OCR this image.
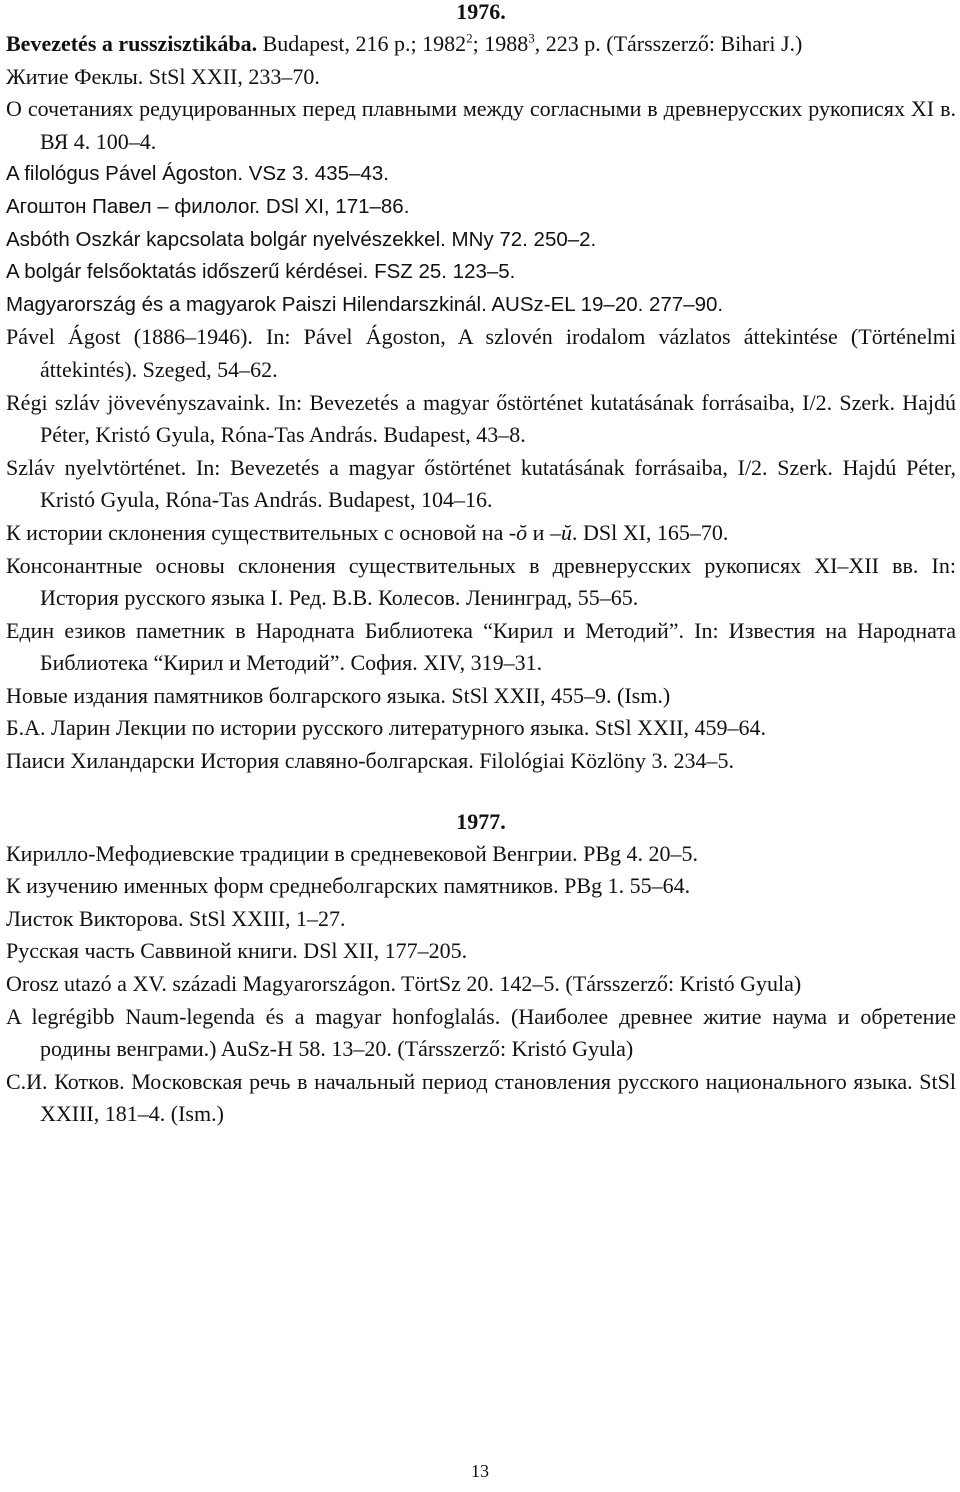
1976.

Bevezetés a russzisztikába. Budapest, 216 p.; 1982$^2$; 1988$^3$, 223 p. (Társszerző: Bihari J.)

Житие Феклы. StSl XXII, 233–70.

О сочетаниях редуцированных перед плавными между согласными в древнерусских рукописях XI в. ВЯ 4. 100–4.

A filológus Pável Ágoston. VSz 3. 435–43.

Агоштон Павел – филолог. DSl XI, 171–86.

Asbóth Oszkár kapcsolata bolgár nyelvészekkel. MNy 72. 250–2.

A bolgár felsőoktatás időszerű kérdései. FSZ 25. 123–5.

Magyarország és a magyarok Paiszi Hilendarszkinál. AUSz-EL 19–20. 277–90.

Pável Ágost (1886–1946). In: Pável Ágoston, A szlovén irodalom vázlatos áttekintése (Történelmi áttekintés). Szeged, 54–62.

Régi szláv jövevényszavaink. In: Bevezetés a magyar őstörténet kutatásának forrásaiba, I/2. Szerk. Hajdú Péter, Kristó Gyula, Róna-Tas András. Budapest, 43–8.

Szláv nyelvtörténet. In: Bevezetés a magyar őstörténet kutatásának forrásaiba, I/2. Szerk. Hajdú Péter, Kristó Gyula, Róna-Tas András. Budapest, 104–16.

К истории склонения существительных с основой на -ŏ и –ŭ. DSl XI, 165–70.

Консонантные основы склонения существительных в древнерусских рукописях XI–XII вв. In: История русского языка I. Ред. В.В. Колесов. Ленинград, 55–65.

Един езиков паметник в Народната Библиотека “Кирил и Методий”. In: Известия на Народната Библиотека “Кирил и Методий”. София. XIV, 319–31.

Новые издания памятников болгарского языка. StSl XXII, 455–9. (Ism.)

Б.А. Ларин Лекции по истории русского литературного языка. StSl XXII, 459–64.

Паиси Хиландарски История славяно-болгарская. Filológiai Közlöny 3. 234–5.

1977.

Кирилло-Мефодиевские традиции в средневековой Венгрии. PBg 4. 20–5.

К изучению именных форм среднеболгарских памятников. PBg 1. 55–64.

Листок Викторова. StSl XXIII, 1–27.

Русская часть Саввиной книги. DSl XII, 177–205.

Orosz utazó a XV. századi Magyarországon. TörtSz 20. 142–5. (Társszerző: Kristó Gyula)

A legrégibb Naum-legenda és a magyar honfoglalás. (Наиболее древнее житие наума и обретение родины венграми.) AuSz-H 58. 13–20. (Társszerző: Kristó Gyula)

С.И. Котков. Московская речь в начальный период становления русского национального языка. StSl XXIII, 181–4. (Ism.)

13
